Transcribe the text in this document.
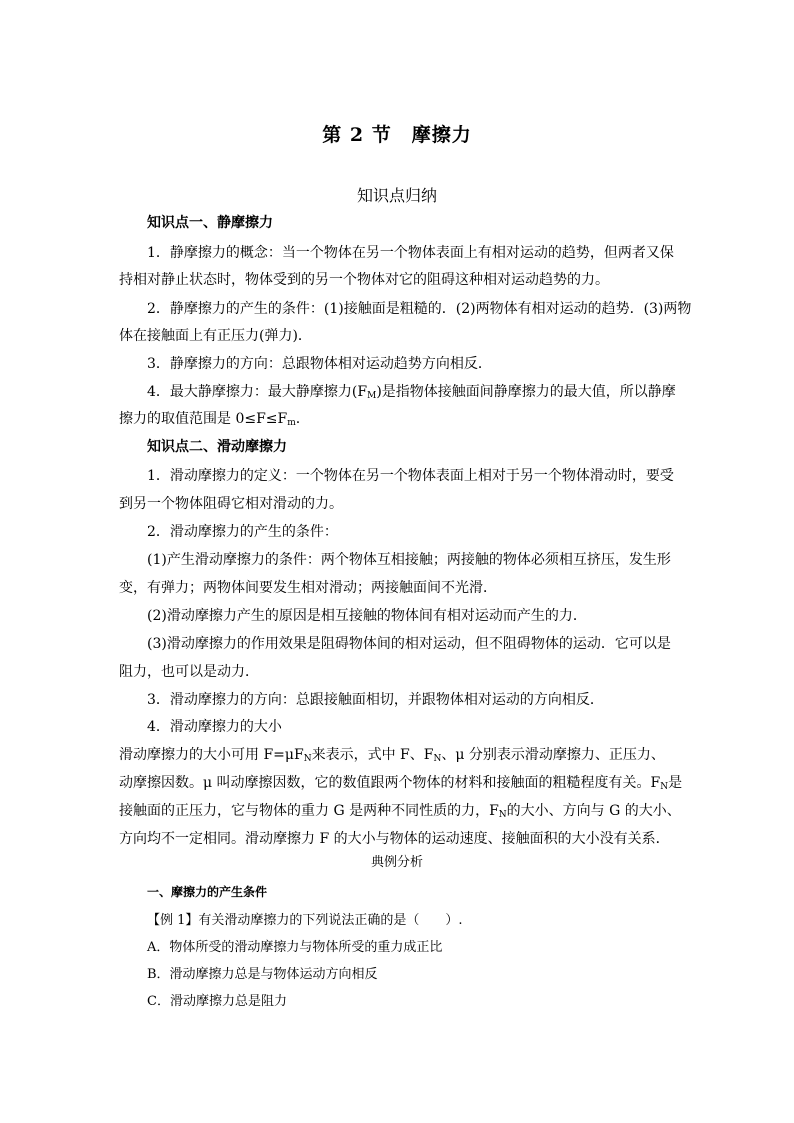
第 2 节　摩擦力
知识点归纳
知识点一、静摩擦力
1．静摩擦力的概念：当一个物体在另一个物体表面上有相对运动的趋势，但两者又保
持相对静止状态时，物体受到的另一个物体对它的阻碍这种相对运动趋势的力。
2．静摩擦力的产生的条件：(1)接触面是粗糙的．(2)两物体有相对运动的趋势．(3)两物
体在接触面上有正压力(弹力)．
3．静摩擦力的方向：总跟物体相对运动趋势方向相反．
4．最大静摩擦力：最大静摩擦力$(F_M)$是指物体接触面间静摩擦力的最大值，所以静摩
擦力的取值范围是 $0\le F\le F_m$.
知识点二、滑动摩擦力
1．滑动摩擦力的定义：一个物体在另一个物体表面上相对于另一个物体滑动时，要受
到另一个物体阻碍它相对滑动的力。
2．滑动摩擦力的产生的条件：
(1)产生滑动摩擦力的条件：两个物体互相接触；两接触的物体必须相互挤压，发生形
变，有弹力；两物体间要发生相对滑动；两接触面间不光滑．
(2)滑动摩擦力产生的原因是相互接触的物体间有相对运动而产生的力．
(3)滑动摩擦力的作用效果是阻碍物体间的相对运动，但不阻碍物体的运动．它可以是
阻力，也可以是动力．
3．滑动摩擦力的方向：总跟接触面相切，并跟物体相对运动的方向相反．
4．滑动摩擦力的大小
滑动摩擦力的大小可用 $F=\mu F_N$来表示，式中 F、$F_N$、μ 分别表示滑动摩擦力、正压力、
动摩擦因数。μ 叫动摩擦因数，它的数值跟两个物体的材料和接触面的粗糙程度有关。$F_N$是
接触面的正压力，它与物体的重力 G 是两种不同性质的力，$F_N$的大小、方向与 G 的大小、
方向均不一定相同。滑动摩擦力 F 的大小与物体的运动速度、接触面积的大小没有关系．
典例分析
一、摩擦力的产生条件
【例 1】有关滑动摩擦力的下列说法正确的是（　　）.
A．物体所受的滑动摩擦力与物体所受的重力成正比
B．滑动摩擦力总是与物体运动方向相反
C．滑动摩擦力总是阻力
